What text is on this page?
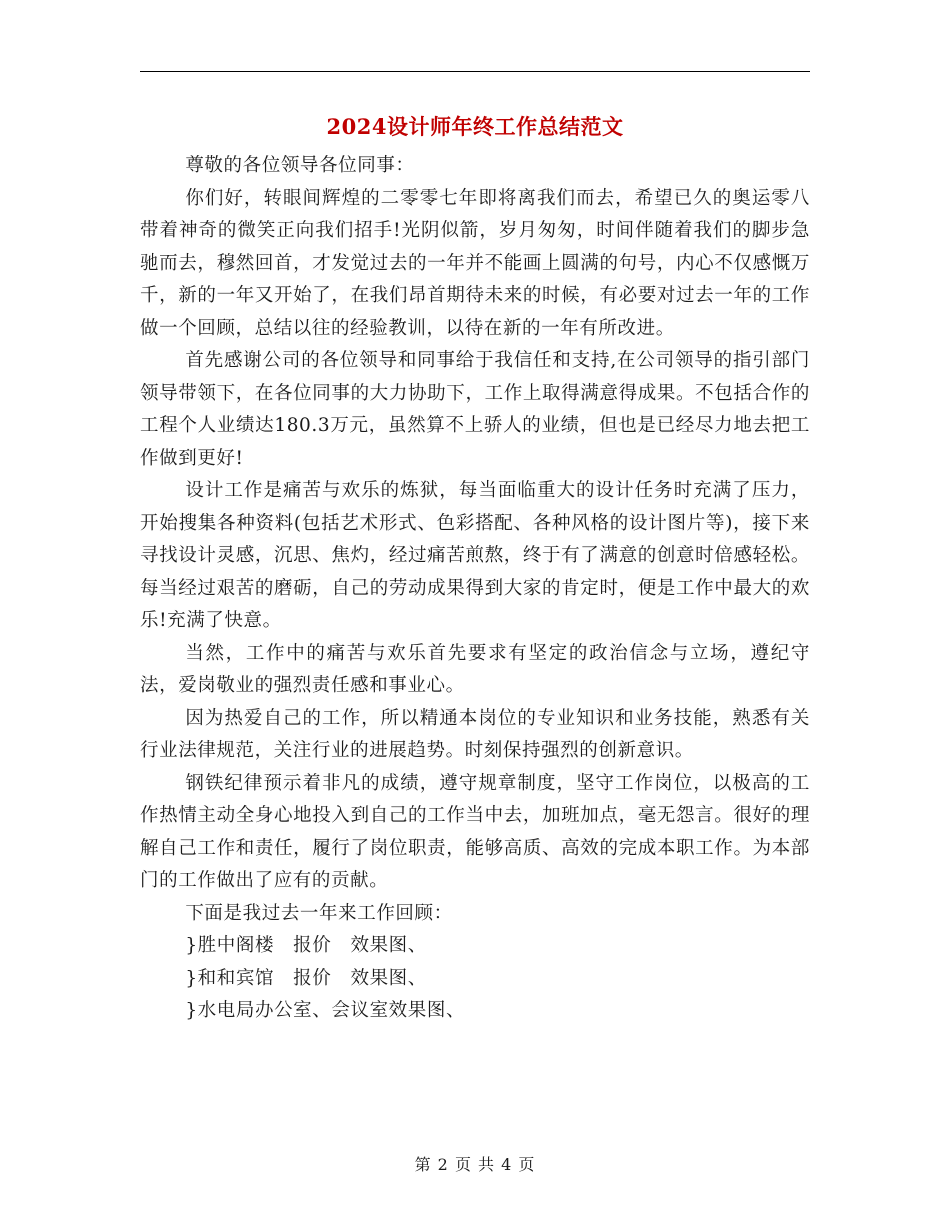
2024设计师年终工作总结范文

尊敬的各位领导各位同事：

你们好，转眼间辉煌的二零零七年即将离我们而去，希望已久的奥运零八带着神奇的微笑正向我们招手!光阴似箭，岁月匆匆，时间伴随着我们的脚步急驰而去，穆然回首，才发觉过去的一年并不能画上圆满的句号，内心不仅感慨万千，新的一年又开始了，在我们昂首期待未来的时候，有必要对过去一年的工作做一个回顾，总结以往的经验教训，以待在新的一年有所改进。

首先感谢公司的各位领导和同事给于我信任和支持,在公司领导的指引部门领导带领下，在各位同事的大力协助下，工作上取得满意得成果。不包括合作的工程个人业绩达180.3万元，虽然算不上骄人的业绩，但也是已经尽力地去把工作做到更好!

设计工作是痛苦与欢乐的炼狱，每当面临重大的设计任务时充满了压力，开始搜集各种资料(包括艺术形式、色彩搭配、各种风格的设计图片等)，接下来寻找设计灵感，沉思、焦灼，经过痛苦煎熬，终于有了满意的创意时倍感轻松。每当经过艰苦的磨砺，自己的劳动成果得到大家的肯定时，便是工作中最大的欢乐!充满了快意。

当然，工作中的痛苦与欢乐首先要求有坚定的政治信念与立场，遵纪守法，爱岗敬业的强烈责任感和事业心。

因为热爱自己的工作，所以精通本岗位的专业知识和业务技能，熟悉有关行业法律规范，关注行业的进展趋势。时刻保持强烈的创新意识。

钢铁纪律预示着非凡的成绩，遵守规章制度，坚守工作岗位，以极高的工作热情主动全身心地投入到自己的工作当中去，加班加点，毫无怨言。很好的理解自己工作和责任，履行了岗位职责，能够高质、高效的完成本职工作。为本部门的工作做出了应有的贡献。

下面是我过去一年来工作回顾：

}胜中阁楼　报价　效果图、

}和和宾馆　报价　效果图、

}水电局办公室、会议室效果图、

第 2 页 共 4 页
